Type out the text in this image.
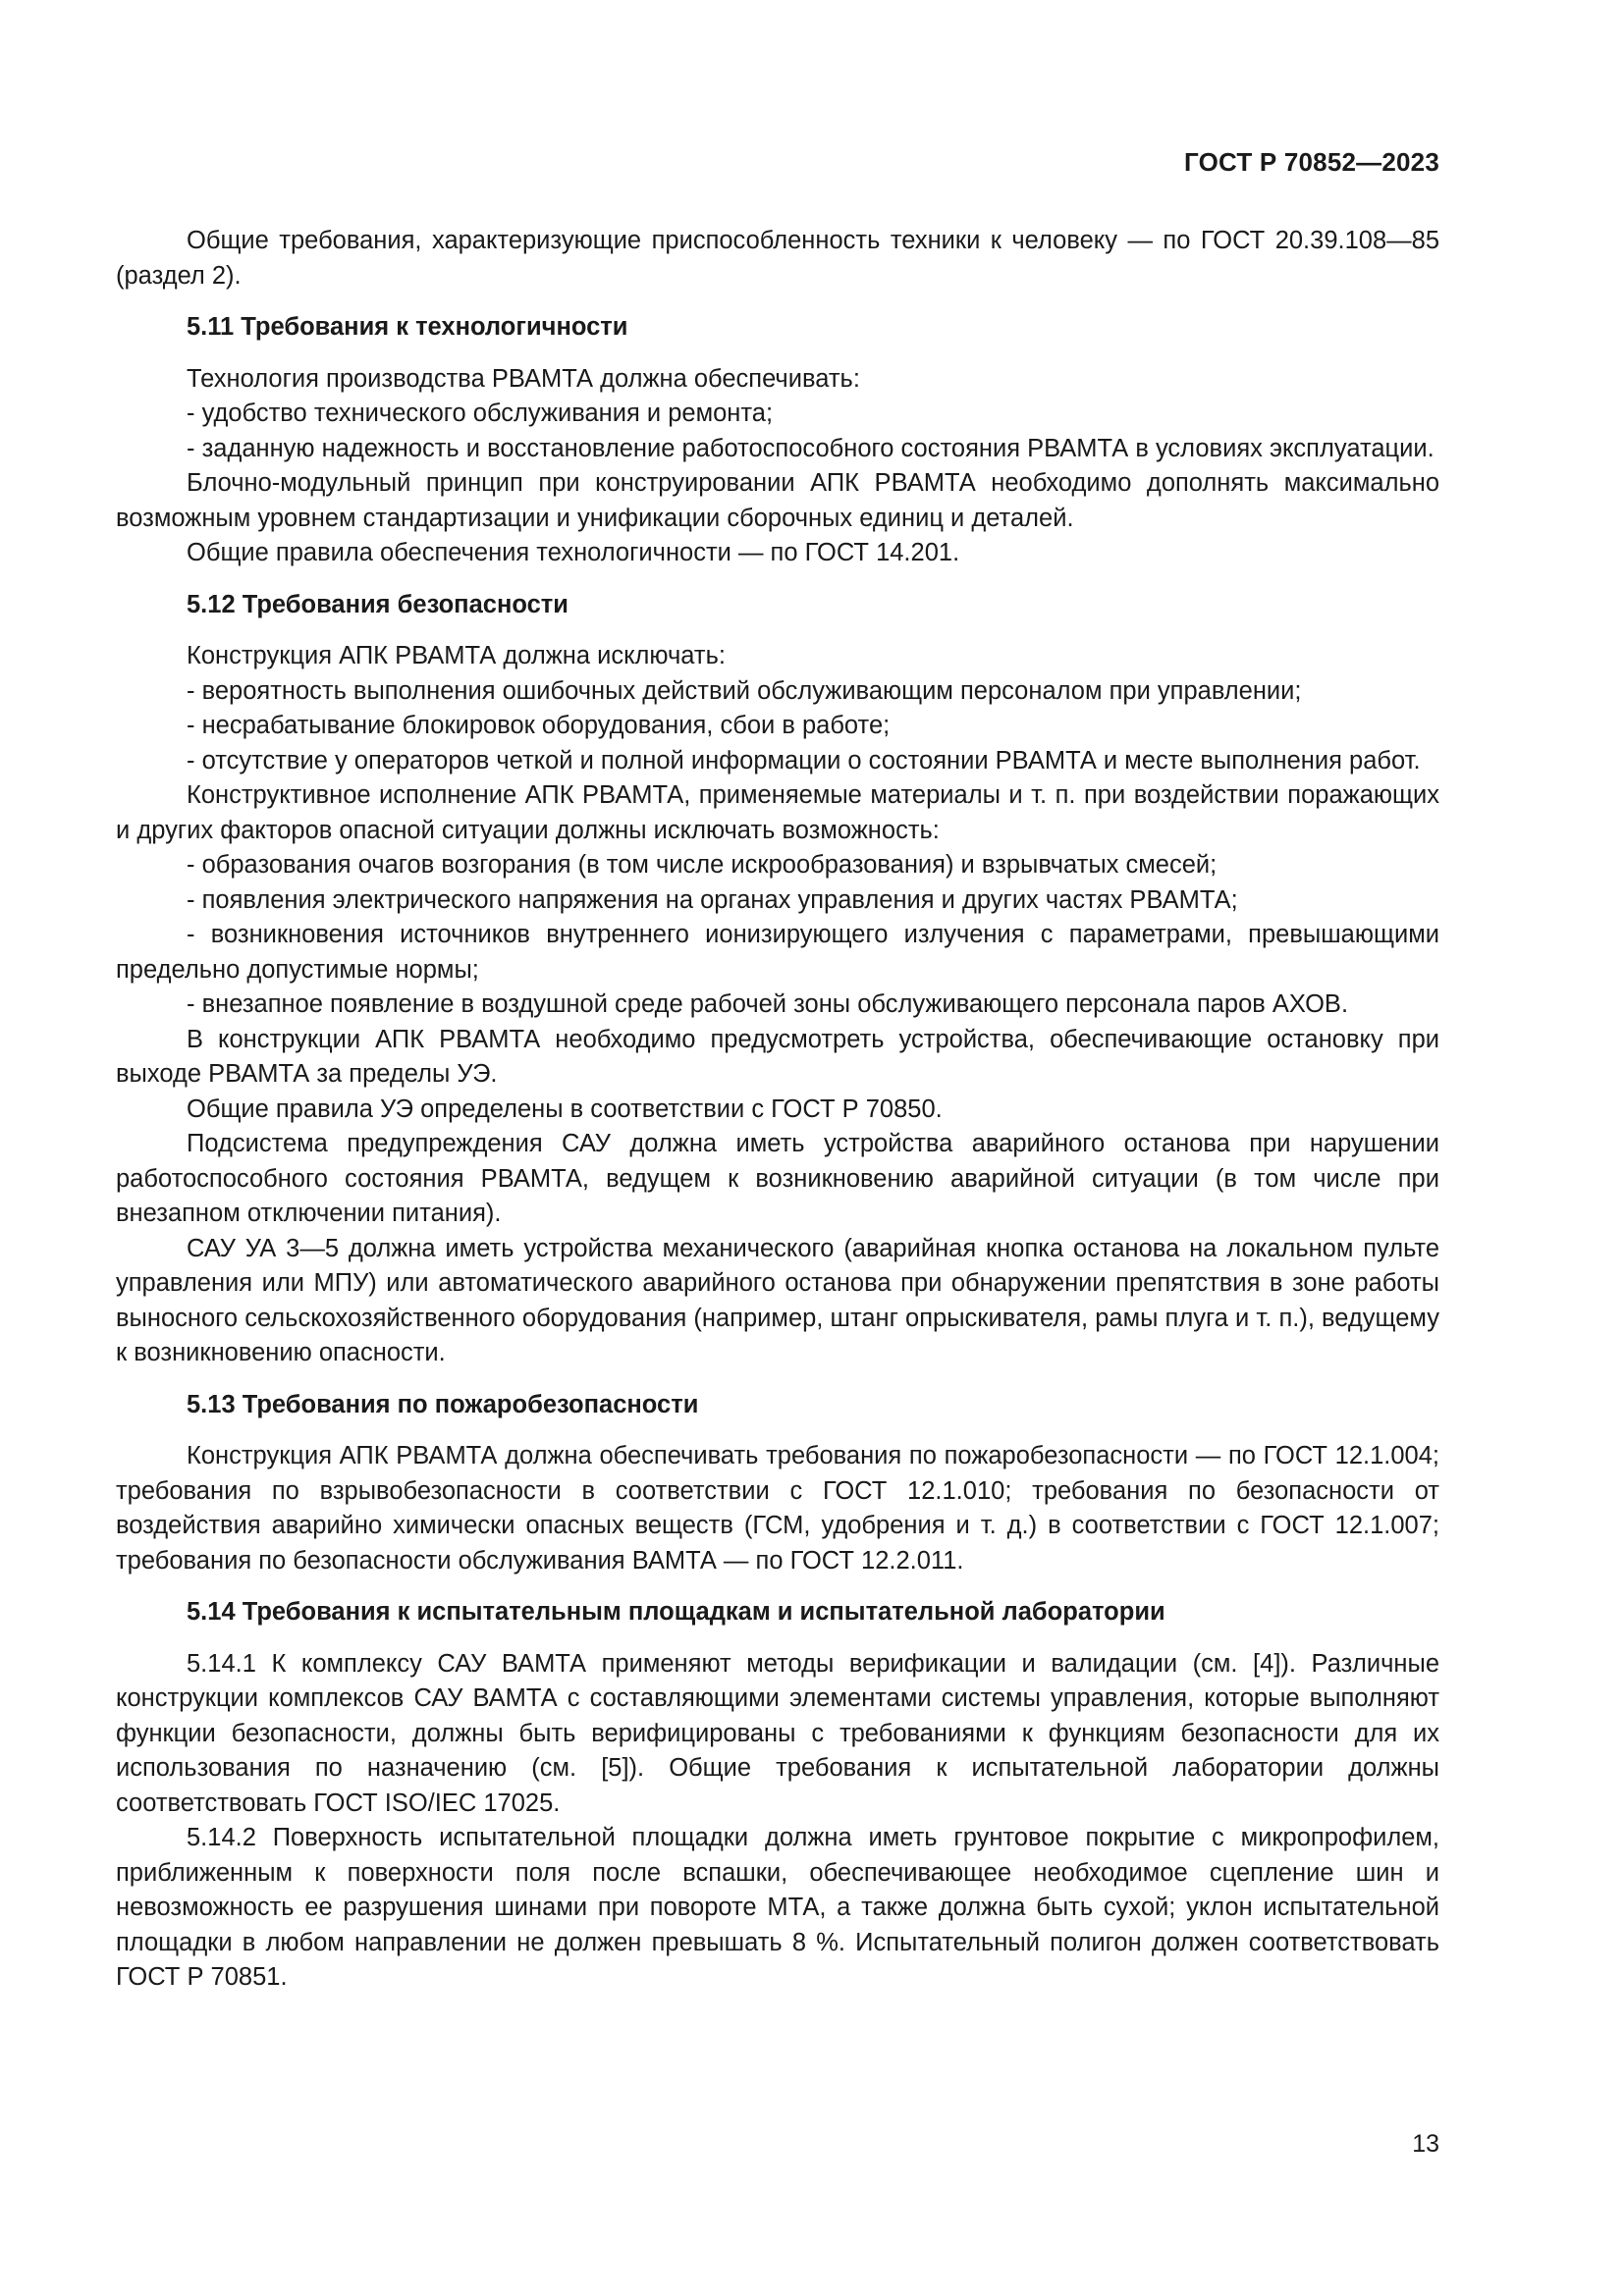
ГОСТ Р 70852—2023

Общие требования, характеризующие приспособленность техники к человеку — по ГОСТ 20.39.108—85 (раздел 2).

5.11 Требования к технологичности

Технология производства РВАМТА должна обеспечивать:

- удобство технического обслуживания и ремонта;

- заданную надежность и восстановление работоспособного состояния РВАМТА в условиях эксплуатации.

Блочно-модульный принцип при конструировании АПК РВАМТА необходимо дополнять максимально возможным уровнем стандартизации и унификации сборочных единиц и деталей.

Общие правила обеспечения технологичности — по ГОСТ 14.201.

5.12 Требования безопасности

Конструкция АПК РВАМТА должна исключать:

- вероятность выполнения ошибочных действий обслуживающим персоналом при управлении;

- несрабатывание блокировок оборудования, сбои в работе;

- отсутствие у операторов четкой и полной информации о состоянии РВАМТА и месте выполнения работ.

Конструктивное исполнение АПК РВАМТА, применяемые материалы и т. п. при воздействии поражающих и других факторов опасной ситуации должны исключать возможность:

- образования очагов возгорания (в том числе искрообразования) и взрывчатых смесей;

- появления электрического напряжения на органах управления и других частях РВАМТА;

- возникновения источников внутреннего ионизирующего излучения с параметрами, превышающими предельно допустимые нормы;

- внезапное появление в воздушной среде рабочей зоны обслуживающего персонала паров АХОВ.

В конструкции АПК РВАМТА необходимо предусмотреть устройства, обеспечивающие остановку при выходе РВАМТА за пределы УЭ.

Общие правила УЭ определены в соответствии с ГОСТ Р 70850.

Подсистема предупреждения САУ должна иметь устройства аварийного останова при нарушении работоспособного состояния РВАМТА, ведущем к возникновению аварийной ситуации (в том числе при внезапном отключении питания).

САУ УА 3—5 должна иметь устройства механического (аварийная кнопка останова на локальном пульте управления или МПУ) или автоматического аварийного останова при обнаружении препятствия в зоне работы выносного сельскохозяйственного оборудования (например, штанг опрыскивателя, рамы плуга и т. п.), ведущему к возникновению опасности.

5.13 Требования по пожаробезопасности

Конструкция АПК РВАМТА должна обеспечивать требования по пожаробезопасности — по ГОСТ 12.1.004; требования по взрывобезопасности в соответствии с ГОСТ 12.1.010; требования по безопасности от воздействия аварийно химически опасных веществ (ГСМ, удобрения и т. д.) в соответствии с ГОСТ 12.1.007; требования по безопасности обслуживания ВАМТА — по ГОСТ 12.2.011.

5.14 Требования к испытательным площадкам и испытательной лаборатории

5.14.1 К комплексу САУ ВАМТА применяют методы верификации и валидации (см. [4]). Различные конструкции комплексов САУ ВАМТА с составляющими элементами системы управления, которые выполняют функции безопасности, должны быть верифицированы с требованиями к функциям безопасности для их использования по назначению (см. [5]). Общие требования к испытательной лаборатории должны соответствовать ГОСТ ISO/IEC 17025.

5.14.2 Поверхность испытательной площадки должна иметь грунтовое покрытие с микропрофилем, приближенным к поверхности поля после вспашки, обеспечивающее необходимое сцепление шин и невозможность ее разрушения шинами при повороте МТА, а также должна быть сухой; уклон испытательной площадки в любом направлении не должен превышать 8 %. Испытательный полигон должен соответствовать ГОСТ Р 70851.

13
